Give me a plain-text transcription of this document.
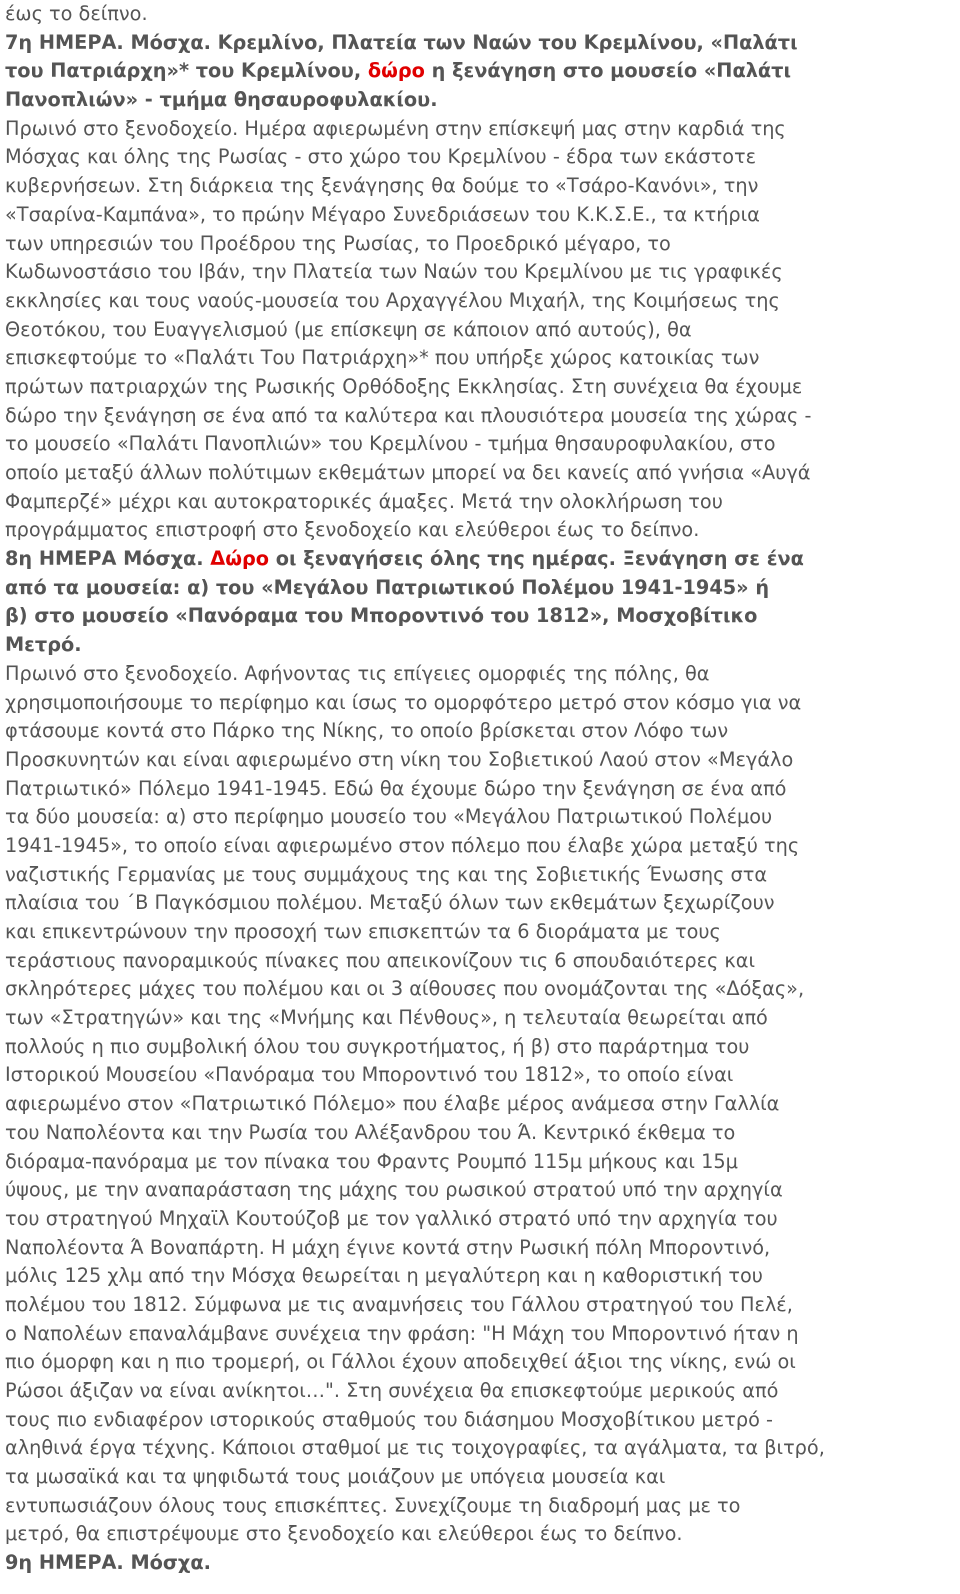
έως το δείπνο.
7η ΗΜΕΡΑ. Μόσχα. Κρεμλίνο, Πλατεία των Ναών του Κρεμλίνου, «Παλάτι
του Πατριάρχη»* του Κρεμλίνου, δώρο η ξενάγηση στο μουσείο «Παλάτι
Πανοπλιών» - τμήμα θησαυροφυλακίου.
Πρωινό στο ξενοδοχείο. Ημέρα αφιερωμένη στην επίσκεψή μας στην καρδιά της
Μόσχας και όλης της Ρωσίας - στο χώρο του Κρεμλίνου - έδρα των εκάστοτε
κυβερνήσεων. Στη διάρκεια της ξενάγησης θα δούμε το «Τσάρο-Κανόνι», την
«Τσαρίνα-Καμπάνα», το πρώην Μέγαρο Συνεδριάσεων του Κ.Κ.Σ.Ε., τα κτήρια
των υπηρεσιών του Προέδρου της Ρωσίας, το Προεδρικό μέγαρο, το
Κωδωνοστάσιο του Ιβάν, την Πλατεία των Ναών του Κρεμλίνου με τις γραφικές
εκκλησίες και τους ναούς-μουσεία του Αρχαγγέλου Μιχαήλ, της Κοιμήσεως της
Θεοτόκου, του Ευαγγελισμού (με επίσκεψη σε κάποιον από αυτούς), θα
επισκεφτούμε το «Παλάτι Του Πατριάρχη»* που υπήρξε χώρος κατοικίας των
πρώτων πατριαρχών της Ρωσικής Ορθόδοξης Εκκλησίας. Στη συνέχεια θα έχουμε
δώρο την ξενάγηση σε ένα από τα καλύτερα και πλουσιότερα μουσεία της χώρας -
το μουσείο «Παλάτι Πανοπλιών» του Κρεμλίνου - τμήμα θησαυροφυλακίου, στο
οποίο μεταξύ άλλων πολύτιμων εκθεμάτων μπορεί να δει κανείς από γνήσια «Αυγά
Φαμπερζέ» μέχρι και αυτοκρατορικές άμαξες. Μετά την ολοκλήρωση του
προγράμματος επιστροφή στο ξενοδοχείο και ελεύθεροι έως το δείπνο.
8η ΗΜΕΡΑ Μόσχα. Δώρο οι ξεναγήσεις όλης της ημέρας. Ξενάγηση σε ένα
από τα μουσεία: α) του «Μεγάλου Πατριωτικού Πολέμου 1941-1945» ή
β) στο μουσείο «Πανόραμα του Μποροντινό του 1812», Μοσχοβίτικο
Μετρό.
Πρωινό στο ξενοδοχείο. Αφήνοντας τις επίγειες ομορφιές της πόλης, θα
χρησιμοποιήσουμε το περίφημο και ίσως το ομορφότερο μετρό στον κόσμο για να
φτάσουμε κοντά στο Πάρκο της Νίκης, το οποίο βρίσκεται στον Λόφο των
Προσκυνητών και είναι αφιερωμένο στη νίκη του Σοβιετικού Λαού στον «Μεγάλο
Πατριωτικό» Πόλεμο 1941-1945. Εδώ θα έχουμε δώρο την ξενάγηση σε ένα από
τα δύο μουσεία: α) στο περίφημο μουσείο του «Μεγάλου Πατριωτικού Πολέμου
1941-1945», το οποίο είναι αφιερωμένο στον πόλεμο που έλαβε χώρα μεταξύ της
ναζιστικής Γερμανίας με τους συμμάχους της και της Σοβιετικής Ένωσης στα
πλαίσια του ΄Β Παγκόσμιου πολέμου. Μεταξύ όλων των εκθεμάτων ξεχωρίζουν
και επικεντρώνουν την προσοχή των επισκεπτών τα 6 διοράματα με τους
τεράστιους πανοραμικούς πίνακες που απεικονίζουν τις 6 σπουδαιότερες και
σκληρότερες μάχες του πολέμου και οι 3 αίθουσες που ονομάζονται της «Δόξας»,
των «Στρατηγών» και της «Μνήμης και Πένθους», η τελευταία θεωρείται από
πολλούς η πιο συμβολική όλου του συγκροτήματος, ή β) στο παράρτημα του
Ιστορικού Μουσείου «Πανόραμα του Μποροντινό του 1812», το οποίο είναι
αφιερωμένο στον «Πατριωτικό Πόλεμο» που έλαβε μέρος ανάμεσα στην Γαλλία
του Ναπολέοντα και την Ρωσία του Αλέξανδρου του Ά. Κεντρικό έκθεμα το
διόραμα-πανόραμα με τον πίνακα του Φραντς Ρουμπό 115μ μήκους και 15μ
ύψους, με την αναπαράσταση της μάχης του ρωσικού στρατού υπό την αρχηγία
του στρατηγού Μηχαϊλ Κουτούζοβ με τον γαλλικό στρατό υπό την αρχηγία του
Ναπολέοντα Ά Βοναπάρτη. Η μάχη έγινε κοντά στην Ρωσική πόλη Μποροντινό,
μόλις 125 χλμ από την Μόσχα θεωρείται η μεγαλύτερη και η καθοριστική του
πολέμου του 1812. Σύμφωνα με τις αναμνήσεις του Γάλλου στρατηγού του Πελέ,
ο Ναπολέων επαναλάμβανε συνέχεια την φράση: "Η Μάχη του Μποροντινό ήταν η
πιο όμορφη και η πιο τρομερή, οι Γάλλοι έχουν αποδειχθεί άξιοι της νίκης, ενώ οι
Ρώσοι άξιζαν να είναι ανίκητοι…". Στη συνέχεια θα επισκεφτούμε μερικούς από
τους πιο ενδιαφέρον ιστορικούς σταθμούς του διάσημου Μοσχοβίτικου μετρό -
αληθινά έργα τέχνης. Κάποιοι σταθμοί με τις τοιχογραφίες, τα αγάλματα, τα βιτρό,
τα μωσαϊκά και τα ψηφιδωτά τους μοιάζουν με υπόγεια μουσεία και
εντυπωσιάζουν όλους τους επισκέπτες. Συνεχίζουμε τη διαδρομή μας με το
μετρό, θα επιστρέψουμε στο ξενοδοχείο και ελεύθεροι έως το δείπνο.
9η ΗΜΕΡΑ. Μόσχα.
